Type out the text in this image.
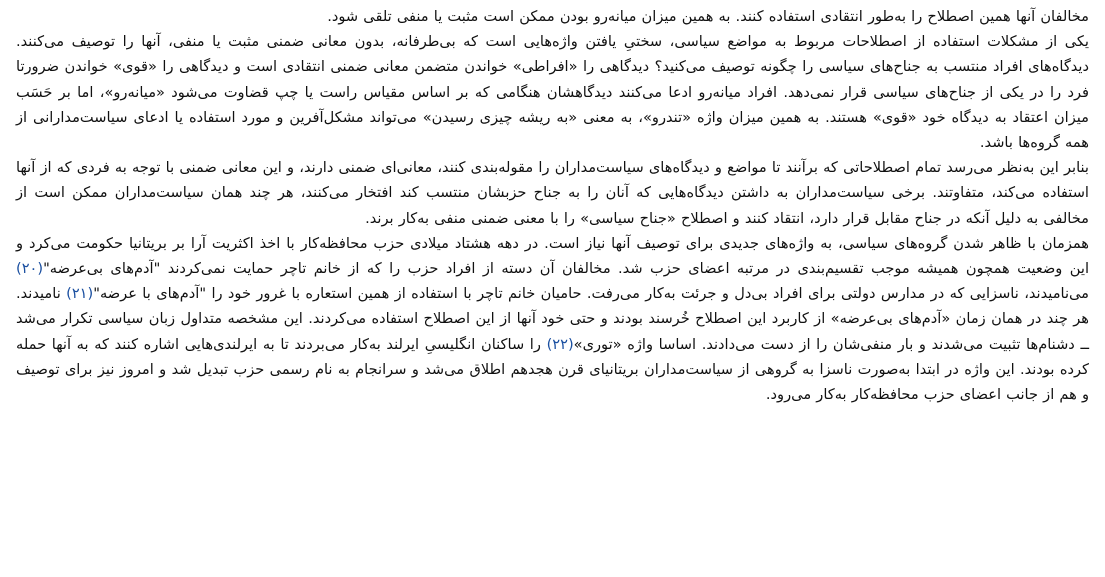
مخالفان آنها همین اصطلاح را به‌طور انتقادی استفاده کنند. به همین میزان میانه‌رو بودن ممکن است مثبت یا منفی تلقی شود.

یکی از مشکلات استفاده از اصطلاحات مربوط به مواضع سیاسی، سختیِ یافتن واژه‌هایی است که بی‌طرفانه، بدون معانی ضمنی مثبت یا منفی، آنها را توصیف می‌کنند. دیدگاه‌های افراد منتسب به جناح‌های سیاسی را چگونه توصیف می‌کنید؟ دیدگاهی را «افراطی» خواندن متضمن معانی ضمنی انتقادی است و دیدگاهی را «قوی» خواندن ضرورتا فرد را در یکی از جناح‌های سیاسی قرار نمی‌دهد. افراد میانه‌رو ادعا می‌کنند دیدگاهشان هنگامی که بر اساس مقیاس راست یا چپ قضاوت می‌شود «میانه‌رو»، اما بر حَسَب میزان اعتقاد به دیدگاه خود «قوی» هستند. به همین میزان واژه «تندرو»، به معنی «به ریشه چیزی رسیدن» می‌تواند مشکل‌آفرین و مورد استفاده یا ادعای سیاست‌مدارانی از همه گروه‌ها باشد.

بنابر این به‌نظر می‌رسد تمام اصطلاحاتی که برآنند تا مواضع و دیدگاه‌های سیاست‌مداران را مقوله‌بندی کنند، معانی‌ای ضمنی دارند، و این معانی ضمنی با توجه به فردی که از آنها استفاده می‌کند، متفاوتند. برخی سیاست‌مداران به داشتن دیدگاه‌هایی که آنان را به جناح حزبشان منتسب کند افتخار می‌کنند، هر چند همان سیاست‌مداران ممکن است از مخالفی به دلیل آنکه در جناح مقابل قرار دارد، انتقاد کنند و اصطلاح «جناح سیاسی» را با معنی ضمنی منفی به‌کار برند.

همزمان با ظاهر شدن گروه‌های سیاسی، به واژه‌های جدیدی برای توصیف آنها نیاز است. در دهه هشتاد میلادی حزب محافظه‌کار با اخذ اکثریت آرا بر بریتانیا حکومت می‌کرد و این وضعیت همچون همیشه موجب تقسیم‌بندی در مرتبه اعضای حزب شد. مخالفان آن دسته از افراد حزب را که از خانم تاچر حمایت نمی‌کردند "آدم‌های بی‌عرضه"(۲۰) می‌نامیدند، ناسزایی که در مدارس دولتی برای افراد بی‌دل و جرئت به‌کار می‌رفت. حامیان خانم تاچر با استفاده از همین استعاره با غرور خود را "آدم‌های با عرضه"(۲۱) نامیدند. هر چند در همان زمان «آدم‌های بی‌عرضه» از کاربرد این اصطلاح خُرسند بودند و حتی خود آنها از این اصطلاح استفاده می‌کردند. این مشخصه متداول زبان سیاسی تکرار می‌شد ــ دشنام‌ها تثبیت می‌شدند و بار منفی‌شان را از دست می‌دادند. اساسا واژه «توری»(۲۲) را ساکنان انگلیسیِ ایرلند به‌کار می‌بردند تا به ایرلندی‌هایی اشاره کنند که به آنها حمله کرده بودند. این واژه در ابتدا به‌صورت ناسزا به گروهی از سیاست‌مداران بریتانیای قرن هجدهم اطلاق می‌شد و سرانجام به نام رسمی حزب تبدیل شد و امروز نیز برای توصیف و هم از جانب اعضای حزب محافظه‌کار به‌کار می‌رود.
